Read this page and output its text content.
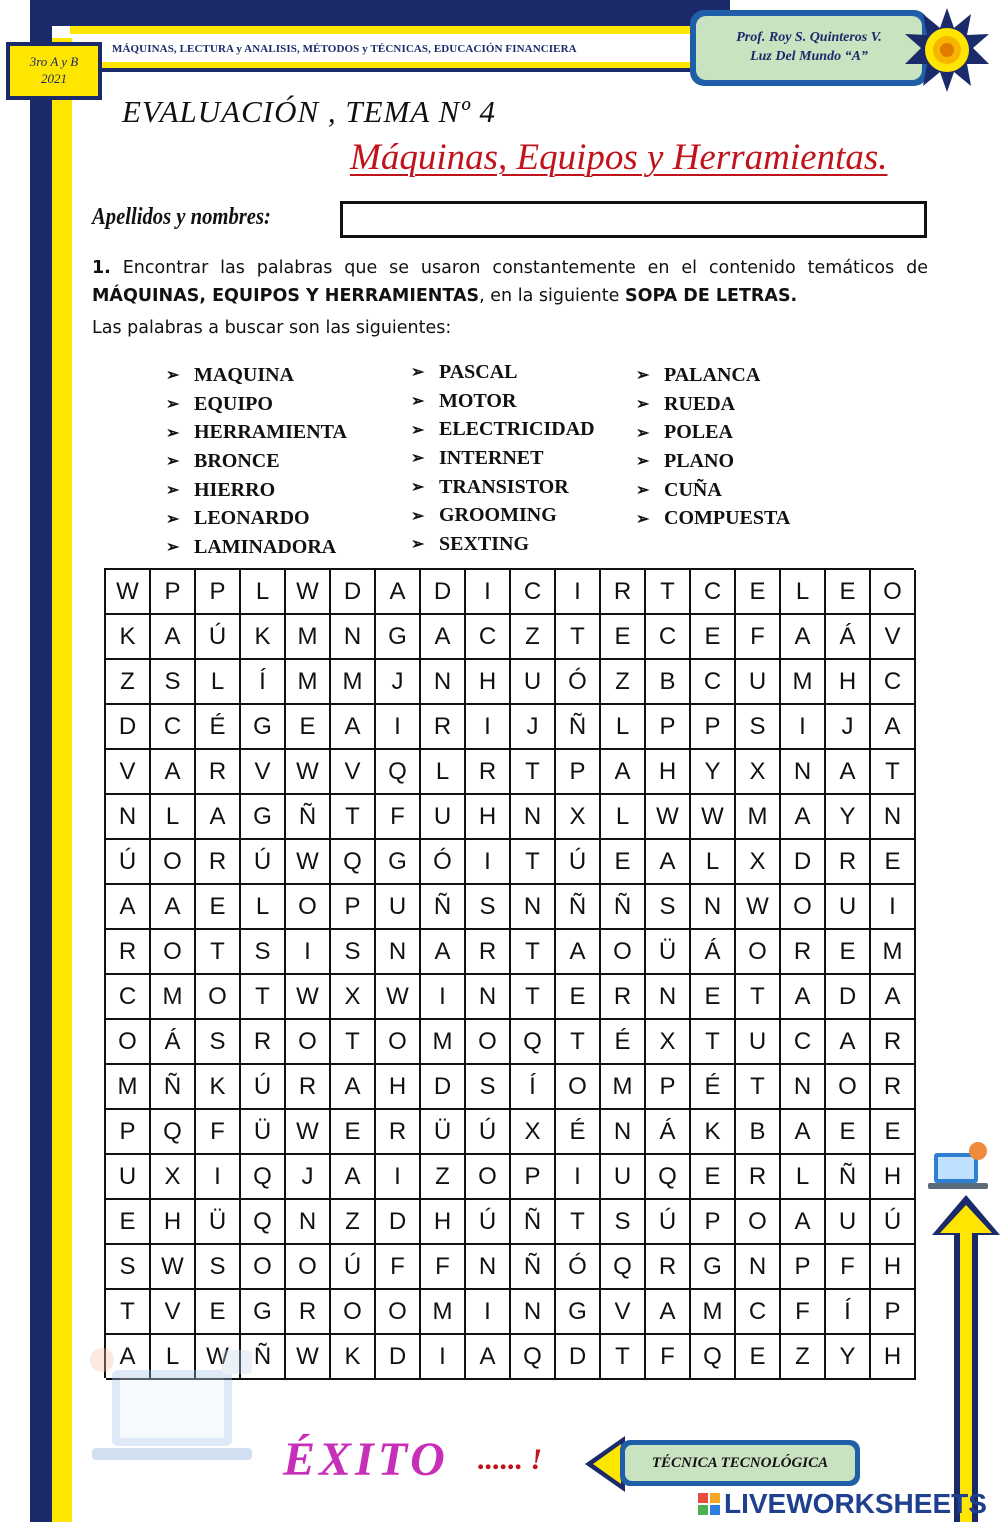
3ro A y B
2021
MÁQUINAS, LECTURA y ANALISIS, MÉTODOS y TÉCNICAS, EDUCACIÓN FINANCIERA
Prof. Roy S. Quinteros V.
Luz Del Mundo “A”
EVALUACIÓN , TEMA Nº 4
Máquinas, Equipos y Herramientas.
Apellidos y nombres:
1. Encontrar las palabras que se usaron constantemente en el contenido temáticos de MÁQUINAS, EQUIPOS Y HERRAMIENTAS, en la siguiente SOPA DE LETRAS.
Las palabras a buscar son las siguientes:
➢ MAQUINA
➢ EQUIPO
➢ HERRAMIENTA
➢ BRONCE
➢ HIERRO
➢ LEONARDO
➢ LAMINADORA
➢ PASCAL
➢ MOTOR
➢ ELECTRICIDAD
➢ INTERNET
➢ TRANSISTOR
➢ GROOMING
➢ SEXTING
➢ PALANCA
➢ RUEDA
➢ POLEA
➢ PLANO
➢ CUÑA
➢ COMPUESTA
W	P	P	L	W	D	A	D	I	C	I	R	T	C	E	L	E	O
K	A	Ú	K	M	N	G	A	C	Z	T	E	C	E	F	A	Á	V
Z	S	L	Í	M	M	J	N	H	U	Ó	Z	B	C	U	M	H	C
D	C	É	G	E	A	I	R	I	J	Ñ	L	P	P	S	I	J	A
V	A	R	V	W	V	Q	L	R	T	P	A	H	Y	X	N	A	T
N	L	A	G	Ñ	T	F	U	H	N	X	L	W W M	A	Y	N
Ú	O	R	Ú	W	Q	G	Ó	I	T	Ú	E	A	L	X	D	R	E
A	A	E	L	O	P	U	Ñ	S	N	Ñ	Ñ	S	N	W	O	U	I
R	O	T	S	I	S	N	A	R	T	A	O	Ü	Á	O	R	E	M
C	M	O	T	W	X	W	I	N	T	E	R	N	E	T	A	D	A
O	Á	S	R	O	T	O	M	O	Q	T	É	X	T	U	C	A	R
M	Ñ	K	Ú	R	A	H	D	S	Í	O	M	P	É	T	N	O	R
P	Q	F	Ü	W	E	R	Ü	Ú	X	É	N	Á	K	B	A	E	E
U	X	I	Q	J	A	I	Z	O	P	I	U	Q	E	R	L	Ñ	H
E	H	Ü	Q	N	Z	D	H	Ú	Ñ	T	S	Ú	P	O	A	U	Ú
S	W	S	O	O	Ú	F	F	N	Ñ	Ó	Q	R	G	N	P	F	H
T	V	E	G	R	O	O	M	I	N	G	V	A	M	C	F	Í	P
A	L	W	Ñ	W	K	D	I	A	Q	D	T	F	Q	E	Z	Y	H
ÉXITO ...... !	TÉCNICA TECNOLÓGICA
LIVEWORKSHEETS
